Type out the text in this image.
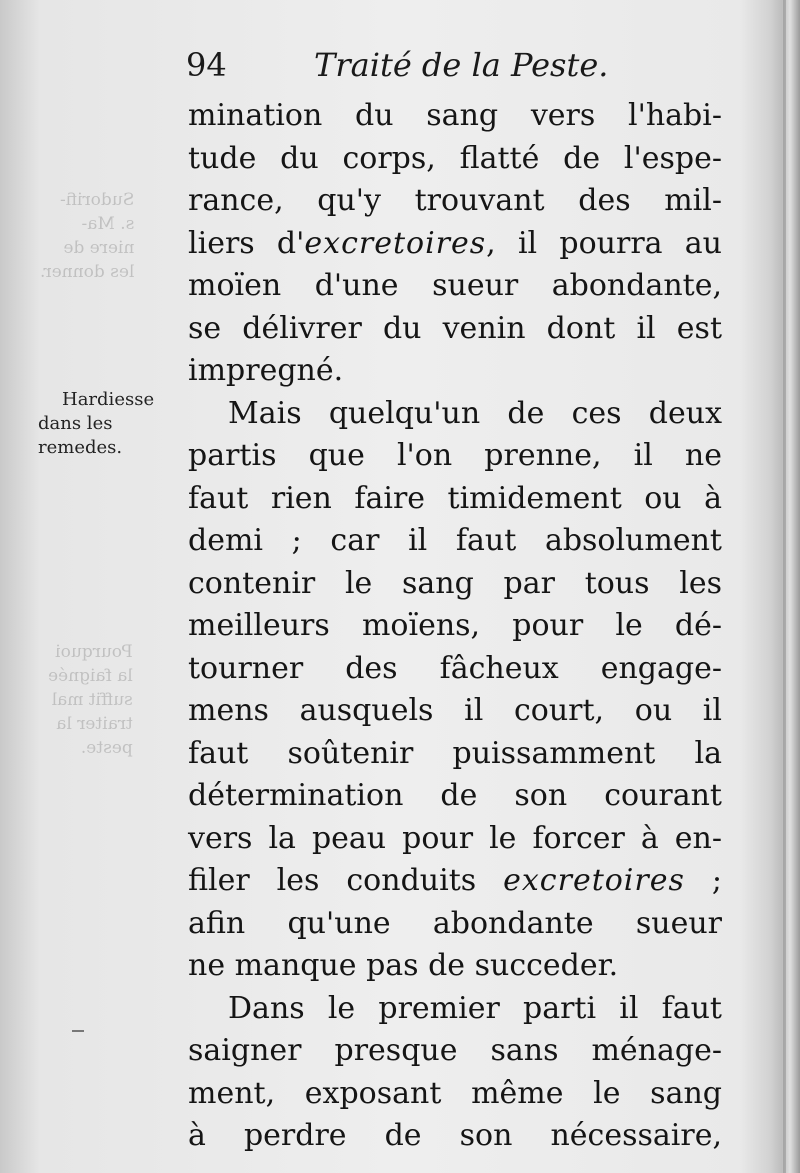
Sudorifi-
s. Ma-
niere de
les donner.
Pourquoi
la faignée
suffit mal
traiter la
peste.
94	Traité de la Peste.
Hardiesse
dans les
remedes.
mination du sang vers l'habi-
tude du corps, flatté de l'espe-
rance, qu'y trouvant des mil-
liers d'excretoires, il pourra au
moïen d'une sueur abondante,
se délivrer du venin dont il est
impregné.
Mais quelqu'un de ces deux
partis que l'on prenne, il ne
faut rien faire timidement ou à
demi ; car il faut absolument
contenir le sang par tous les
meilleurs moïens, pour le dé-
tourner des fâcheux engage-
mens ausquels il court, ou il
faut soûtenir puissamment la
détermination de son courant
vers la peau pour le forcer à en-
filer les conduits excretoires ;
afin qu'une abondante sueur
ne manque pas de succeder.
Dans le premier parti il faut
saigner presque sans ménage-
ment, exposant même le sang
à perdre de son nécessaire,
